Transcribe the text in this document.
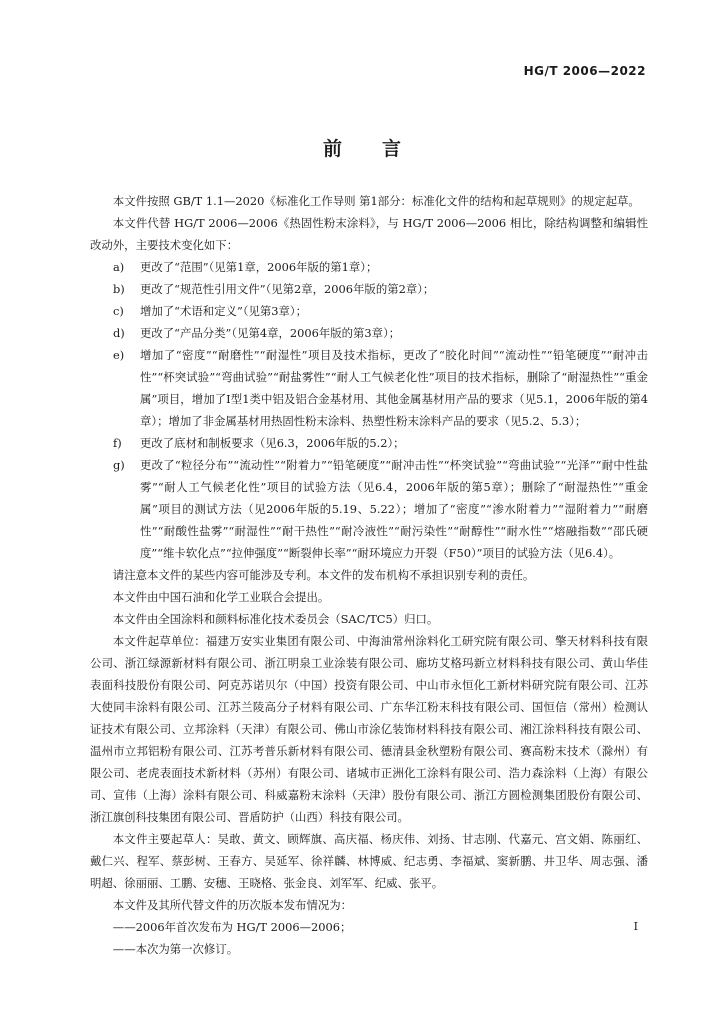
HG/T 2006—2022
前言

本文件按照 GB/T 1.1—2020《标准化工作导则 第1部分：标准化文件的结构和起草规则》的规定起草。

本文件代替 HG/T 2006—2006《热固性粉末涂料》，与 HG/T 2006—2006 相比，除结构调整和编辑性改动外，主要技术变化如下：

a)	更改了“范围”（见第1章，2006年版的第1章）；
b)	更改了“规范性引用文件”（见第2章，2006年版的第2章）；
c)	增加了“术语和定义”（见第3章）；
d)	更改了“产品分类”（见第4章，2006年版的第3章）；
e)	增加了“密度”“耐磨性”“耐湿性”项目及技术指标，更改了“胶化时间”“流动性”“铅笔硬度”“耐冲击性”“杯突试验”“弯曲试验”“耐盐雾性”“耐人工气候老化性”项目的技术指标，删除了“耐湿热性”“重金属”项目，增加了Ⅰ型1类中铝及铝合金基材用、其他金属基材用产品的要求（见5.1，2006年版的第4章）；增加了非金属基材用热固性粉末涂料、热塑性粉末涂料产品的要求（见5.2、5.3）；
f)	更改了底材和制板要求（见6.3，2006年版的5.2）；
g)	更改了“粒径分布”“流动性”“附着力”“铅笔硬度”“耐冲击性”“杯突试验”“弯曲试验”“光泽”“耐中性盐雾”“耐人工气候老化性”项目的试验方法（见6.4，2006年版的第5章）；删除了“耐湿热性”“重金属”项目的测试方法（见2006年版的5.19、5.22）；增加了“密度”“渗水附着力”“湿附着力”“耐磨性”“耐酸性盐雾”“耐湿性”“耐干热性”“耐冷液性”“耐污染性”“耐醇性”“耐水性”“熔融指数”“邵氏硬度”“维卡软化点”“拉伸强度”“断裂伸长率”“耐环境应力开裂（F50）”项目的试验方法（见6.4）。

请注意本文件的某些内容可能涉及专利。本文件的发布机构不承担识别专利的责任。

本文件由中国石油和化学工业联合会提出。

本文件由全国涂料和颜料标准化技术委员会（SAC/TC5）归口。

本文件起草单位：福建万安实业集团有限公司、中海油常州涂料化工研究院有限公司、擎天材料科技有限公司、浙江绿源新材料有限公司、浙江明泉工业涂装有限公司、廊坊艾格玛新立材料科技有限公司、黄山华佳表面科技股份有限公司、阿克苏诺贝尔（中国）投资有限公司、中山市永恒化工新材料研究院有限公司、江苏大使同丰涂料有限公司、江苏兰陵高分子材料有限公司、广东华江粉末科技有限公司、国恒信（常州）检测认证技术有限公司、立邦涂料（天津）有限公司、佛山市涂亿装饰材料科技有限公司、湘江涂料科技有限公司、温州市立邦铝粉有限公司、江苏考普乐新材料有限公司、德清县金秋塑粉有限公司、赛高粉末技术（滁州）有限公司、老虎表面技术新材料（苏州）有限公司、诸城市正洲化工涂料有限公司、浩力森涂料（上海）有限公司、宣伟（上海）涂料有限公司、科威嘉粉末涂料（天津）股份有限公司、浙江方圆检测集团股份有限公司、浙江旗创科技集团有限公司、晋盾防护（山西）科技有限公司。

本文件主要起草人：吴敢、黄文、顾辉旗、高庆福、杨庆伟、刘扬、甘志刚、代嘉元、宫文娟、陈丽红、戴仁兴、程军、蔡彭树、王春方、吴延军、徐祥麟、林博威、纪志勇、李福斌、窦新鹏、井卫华、周志强、潘明超、徐丽丽、工鹏、安穗、王晓格、张金良、刘军军、纪威、张平。

本文件及其所代替文件的历次版本发布情况为：

——2006年首次发布为 HG/T 2006—2006；

——本次为第一次修订。

I
